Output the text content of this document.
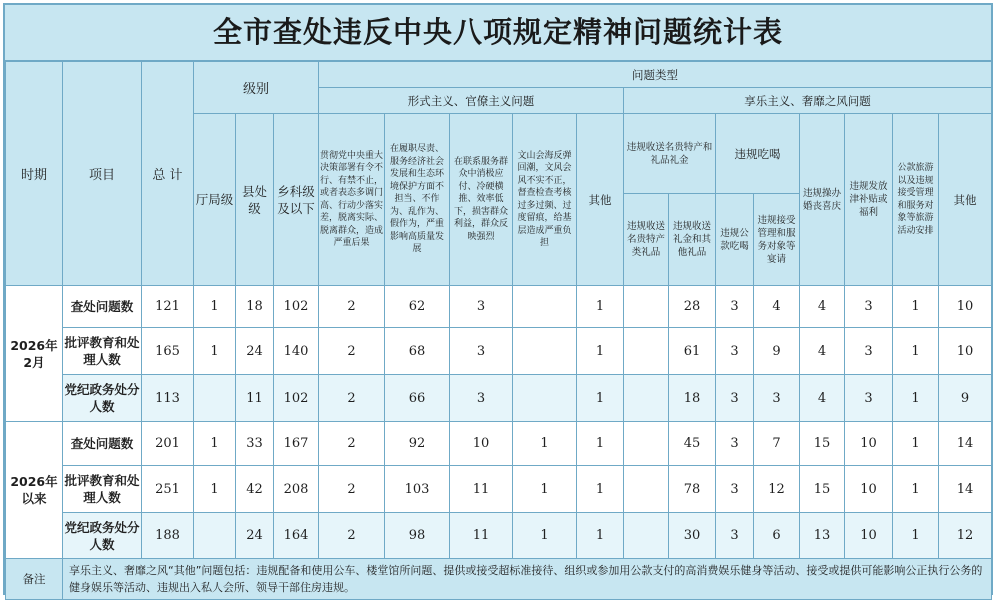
全市查处违反中央八项规定精神问题统计表
时期	项目	总 计	级别			问题类型												
						形式主义、官僚主义问题					享乐主义、奢靡之风问题							
			厅局级	县处级	乡科级及以下	贯彻党中央重大决策部署有令不行、有禁不止，或者表态多调门高、行动少落实差，脱离实际、脱离群众，造成严重后果	在履职尽责、服务经济社会发展和生态环境保护方面不担当、不作为、乱作为、假作为，严重影响高质量发展	在联系服务群众中消极应付、冷硬横推、效率低下，损害群众利益，群众反映强烈	文山会海反弹回潮，文风会风不实不正，督查检查考核过多过频、过度留痕，给基层造成严重负担	其他	违规收送名贵特产和礼品礼金		违规吃喝		违规操办婚丧喜庆	违规发放津补贴或福利	公款旅游以及违规接受管理和服务对象等旅游活动安排	其他
											违规收送名贵特产类礼品	违规收送礼金和其他礼品	违规公款吃喝	违规接受管理和服务对象等宴请				
2026年2月	查处问题数	121	1	18	102	2	62	3		1		28	3	4	4	3	1	10
	批评教育和处理人数	165	1	24	140	2	68	3		1		61	3	9	4	3	1	10
	党纪政务处分人数	113		11	102	2	66	3		1		18	3	3	4	3	1	9
2026年以来	查处问题数	201	1	33	167	2	92	10	1	1		45	3	7	15	10	1	14
	批评教育和处理人数	251	1	42	208	2	103	11	1	1		78	3	12	15	10	1	14
	党纪政务处分人数	188		24	164	2	98	11	1	1		30	3	6	13	10	1	12
备注	享乐主义、奢靡之风“其他”问题包括：违规配备和使用公车、楼堂馆所问题、提供或接受超标准接待、组织或参加用公款支付的高消费娱乐健身等活动、接受或提供可能影响公正执行公务的健身娱乐等活动、违规出入私人会所、领导干部住房违规。																	
